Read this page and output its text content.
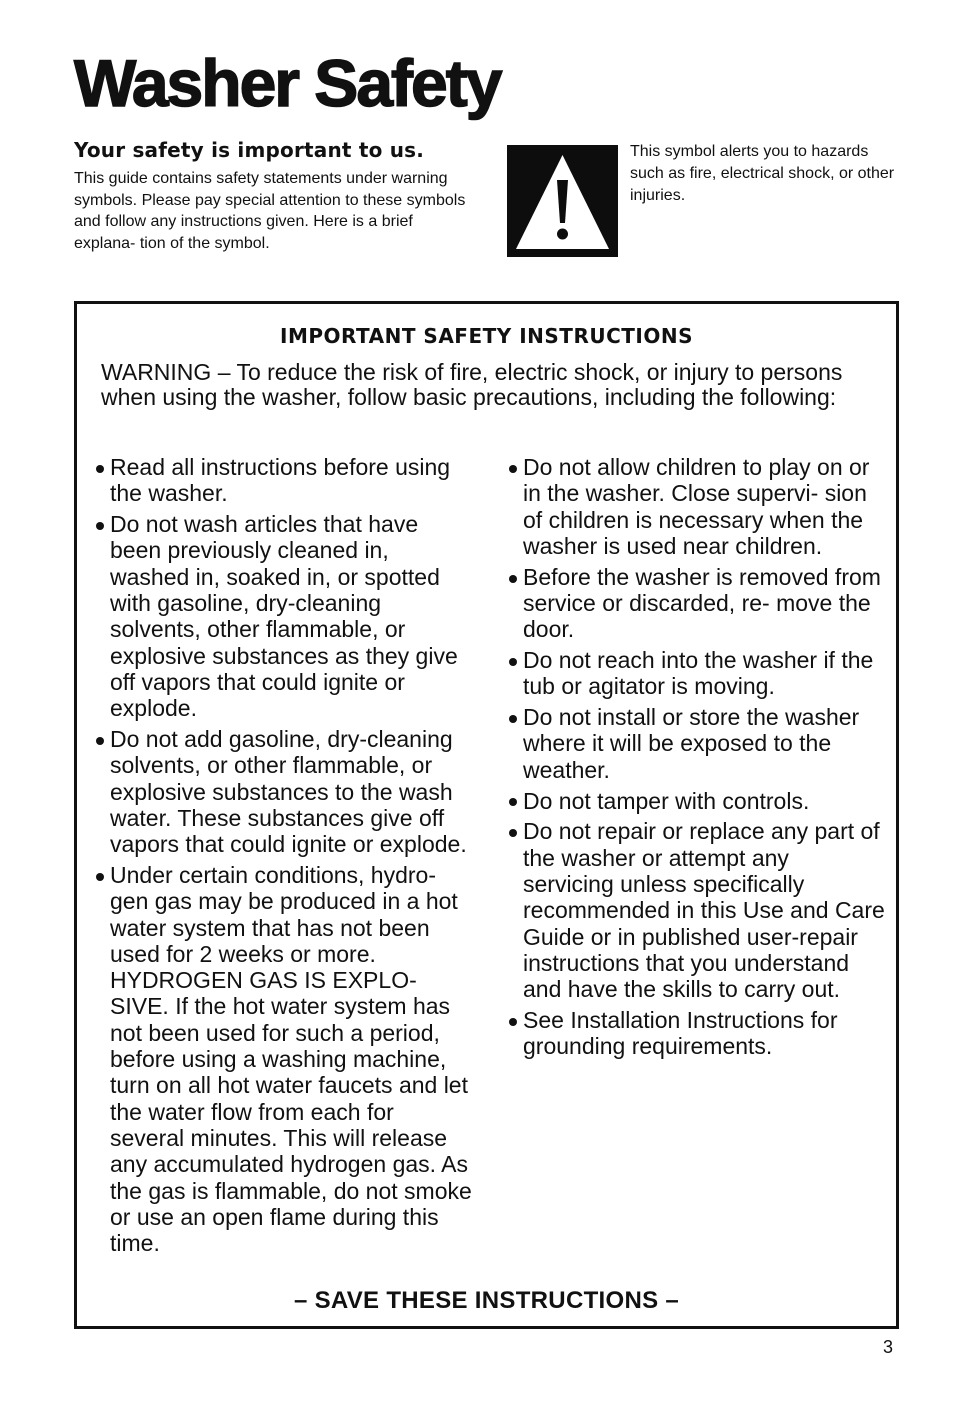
Washer Safety
Your safety is important to us.

This guide contains safety statements under warning symbols. Please pay special attention to these symbols and follow any instructions given. Here is a brief explana- tion of the symbol.

This symbol alerts you to hazards such as fire, electrical shock, or other injuries.

IMPORTANT SAFETY INSTRUCTIONS

WARNING – To reduce the risk of fire, electric shock, or injury to persons when using the washer, follow basic precautions, including the following:

Read all instructions before using the washer.
Do not wash articles that have been previously cleaned in, washed in, soaked in, or spotted with gasoline, dry-cleaning solvents, other flammable, or explosive substances as they give off vapors that could ignite or explode.
Do not add gasoline, dry-cleaning solvents, or other flammable, or explosive substances to the wash water. These substances give off vapors that could ignite or explode.
Under certain conditions, hydro- gen gas may be produced in a hot water system that has not been used for 2 weeks or more. HYDROGEN GAS IS EXPLO- SIVE. If the hot water system has not been used for such a period, before using a washing machine, turn on all hot water faucets and let the water flow from each for several minutes. This will release any accumulated hydrogen gas. As the gas is flammable, do not smoke or use an open flame during this time.
Do not allow children to play on or in the washer. Close supervi- sion of children is necessary when the washer is used near children.
Before the washer is removed from service or discarded, re- move the door.
Do not reach into the washer if the tub or agitator is moving.
Do not install or store the washer where it will be exposed to the weather.
Do not tamper with controls.
Do not repair or replace any part of the washer or attempt any servicing unless specifically recommended in this Use and Care Guide or in published user-repair instructions that you understand and have the skills to carry out.
See Installation Instructions for grounding requirements.

– SAVE THESE INSTRUCTIONS –

3
